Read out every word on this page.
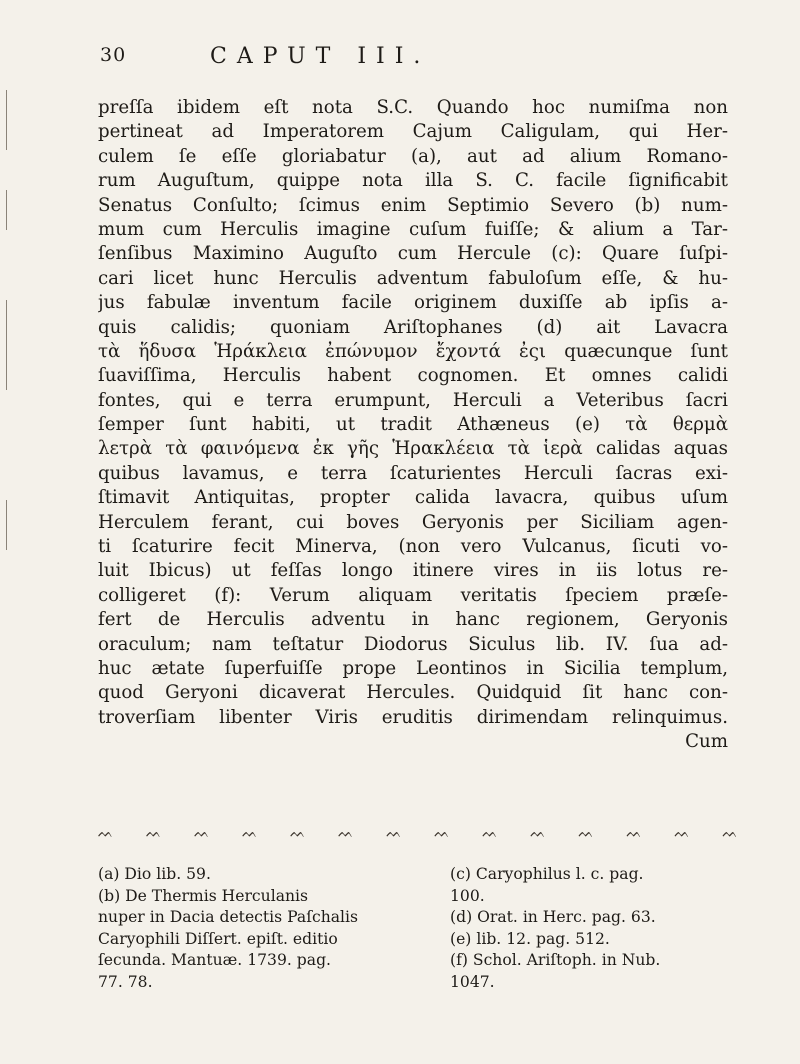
30	CAPUT III.
preſſa ibidem eſt nota S.C. Quando hoc numiſma non
pertineat ad Imperatorem Cajum Caligulam, qui Her-
culem ſe eſſe gloriabatur (a), aut ad alium Romano-
rum Auguſtum, quippe nota illa S. C. facile ſignificabit
Senatus Conſulto; ſcimus enim Septimio Severo (b) num-
mum cum Herculis imagine cuſum fuiſſe; & alium a Tar-
ſenſibus Maximino Auguſto cum Hercule (c): Quare ſuſpi-
cari licet hunc Herculis adventum fabuloſum eſſe, & hu-
jus fabulæ inventum facile originem duxiſſe ab ipſis a-
quis calidis; quoniam Ariſtophanes (d) ait Lavacra
τὰ ἥδυσα Ἡράκλεια ἐπώνυμον ἔχοντά ἐςι quæcunque ſunt
ſuaviſſima, Herculis habent cognomen. Et omnes calidi
fontes, qui e terra erumpunt, Herculi a Veteribus ſacri
ſemper ſunt habiti, ut tradit Athæneus (e) τὰ θερμὰ
λετρὰ τὰ φαινόμενα ἐκ γῆς Ἡρακλέεια τὰ ἱερὰ calidas aquas
quibus lavamus, e terra ſcaturientes Herculi ſacras exi-
ſtimavit Antiquitas, propter calida lavacra, quibus uſum
Herculem ferant, cui boves Geryonis per Siciliam agen-
ti ſcaturire fecit Minerva, (non vero Vulcanus, ſicuti vo-
luit Ibicus) ut feſſas longo itinere vires in iis lotus re-
colligeret (f): Verum aliquam veritatis ſpeciem præſe-
fert de Herculis adventu in hanc regionem, Geryonis
oraculum; nam teſtatur Diodorus Siculus lib. IV. ſua ad-
huc ætate ſuperfuiſſe prope Leontinos in Sicilia templum,
quod Geryoni dicaverat Hercules. Quidquid ſit hanc con-
troverſiam libenter Viris eruditis dirimendam relinquimus.
Cum
ᨓ	ᨓ	ᨓ	ᨓ	ᨓ	ᨓ	ᨓ	ᨓ	ᨓ	ᨓ	ᨓ	ᨓ	ᨓ	ᨓ
(a) Dio lib. 59.
(b) De Thermis Herculanis
nuper in Dacia detectis Paſchalis
Caryophili Diſſert. epiſt. editio
ſecunda. Mantuæ. 1739. pag.
77. 78.
(c) Caryophilus l. c. pag.
100.
(d) Orat. in Herc. pag. 63.
(e) lib. 12. pag. 512.
(f) Schol. Ariſtoph. in Nub.
1047.
